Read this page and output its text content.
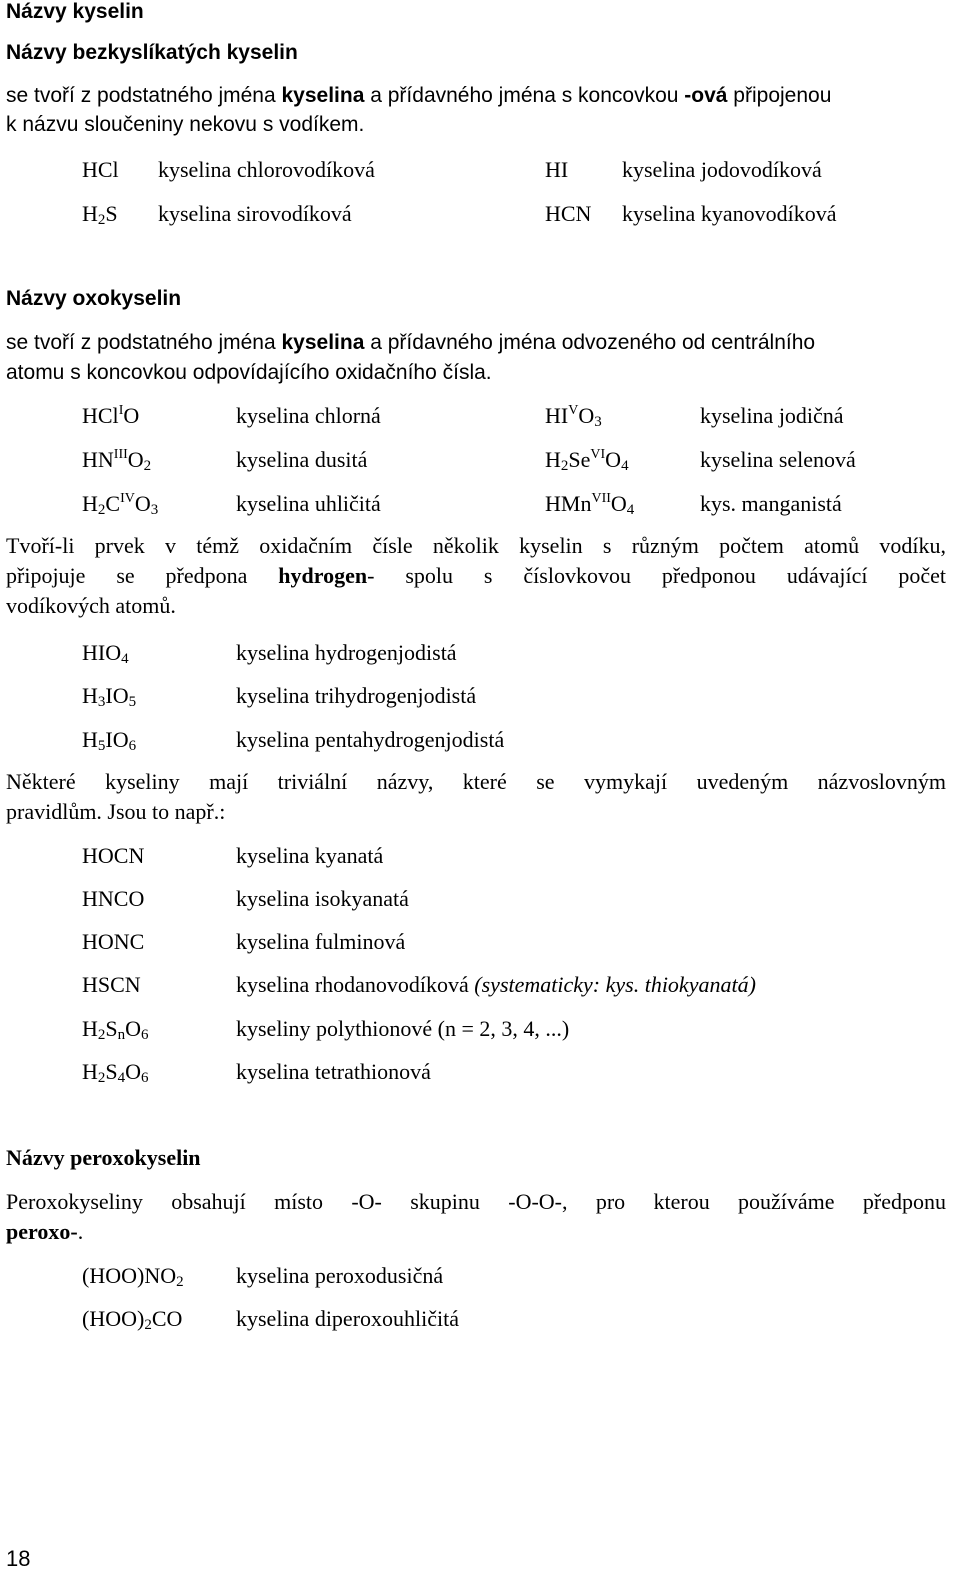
Názvy kyselin
Názvy bezkyslíkatých kyselin
se tvoří z podstatného jména kyselina a přídavného jména s koncovkou -ová připojenou
k názvu sloučeniny nekovu s vodíkem.
HCl kyselina chlorovodíková	HI kyselina jodovodíková
$H_2S$ kyselina sirovodíková	HCN kyselina kyanovodíková
Názvy oxokyselin
se tvoří z podstatného jména kyselina a přídavného jména odvozeného od centrálního
atomu s koncovkou odpovídajícího oxidačního čísla.
HCl$^I$O	kyselina chlorná	$HI^VO_3$	kyselina jodičná
$HN^{III}O_2$	kyselina dusitá	$H_2Se^{VI}O_4$	kyselina selenová
$H_2C^{IV}O_3$	kyselina uhličitá	$HMn^{VII}O_4$	kys. manganistá
Tvoří-li prvek v témž oxidačním čísle několik kyselin s různým počtem atomů vodíku,
připojuje se předpona hydrogen- spolu s číslovkovou předponou udávající počet
vodíkových atomů.
$HIO_4$	kyselina hydrogenjodistá
$H_3IO_5$	kyselina trihydrogenjodistá
$H_5IO_6$	kyselina pentahydrogenjodistá
Některé kyseliny mají triviální názvy, které se vymykají uvedeným názvoslovným
pravidlům. Jsou to např.:
HOCN	kyselina kyanatá
HNCO	kyselina isokyanatá
HONC	kyselina fulminová
HSCN	kyselina rhodanovodíková (systematicky: kys. thiokyanatá)
$H_2S_nO_6$	kyseliny polythionové (n = 2, 3, 4, ...)
$H_2S_4O_6$	kyselina tetrathionová
Názvy peroxokyselin
Peroxokyseliny obsahují místo -O- skupinu -O-O-, pro kterou používáme předponu
peroxo-.
$(HOO)NO_2$ kyselina peroxodusičná
$(HOO)_2CO$ kyselina diperoxouhličitá
18
